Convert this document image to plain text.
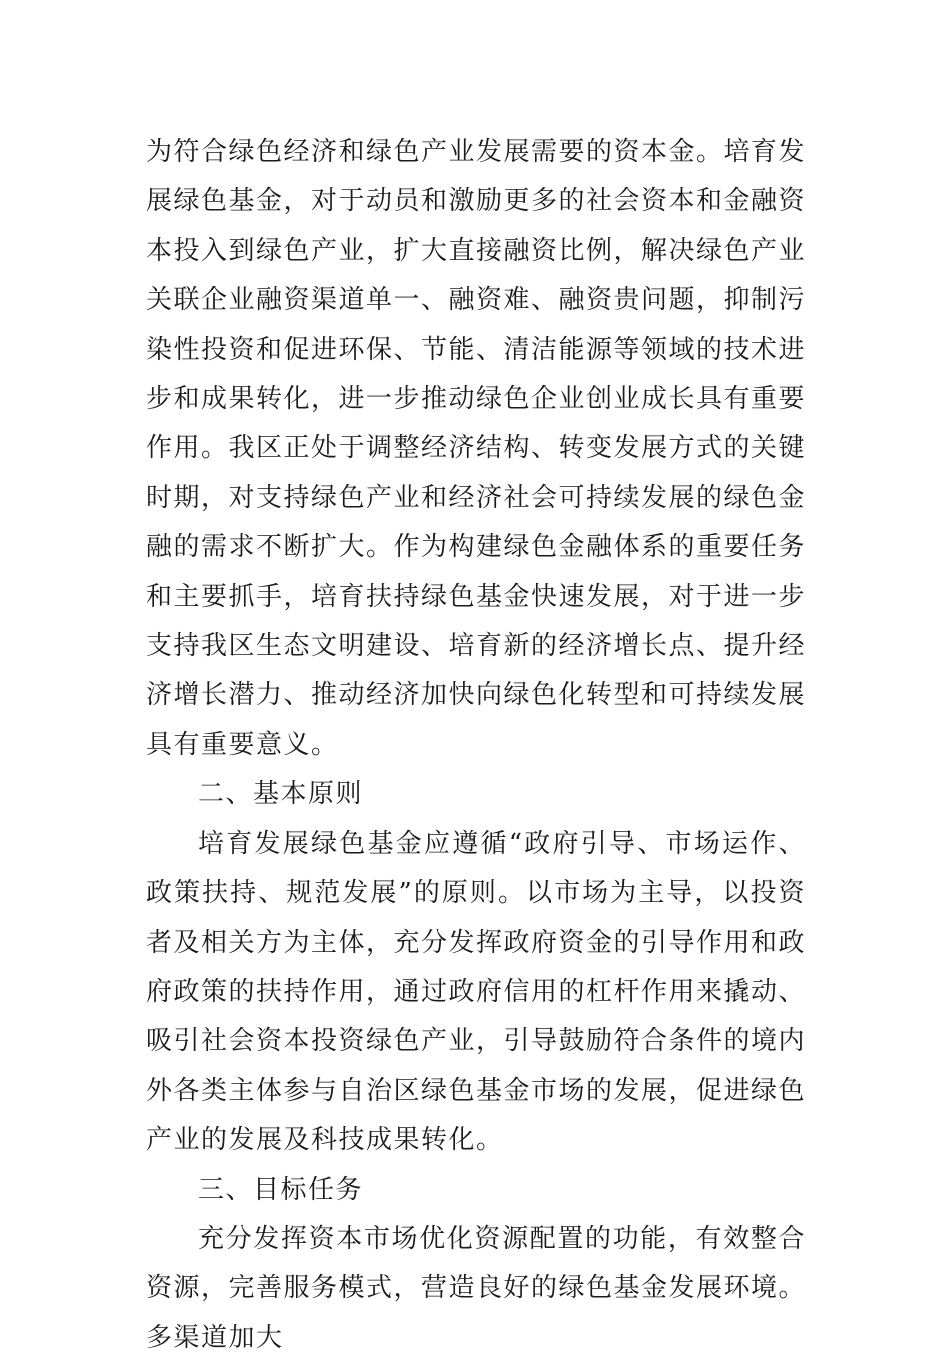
为符合绿色经济和绿色产业发展需要的资本金。培育发展绿色基金，对于动员和激励更多的社会资本和金融资本投入到绿色产业，扩大直接融资比例，解决绿色产业关联企业融资渠道单一、融资难、融资贵问题，抑制污染性投资和促进环保、节能、清洁能源等领域的技术进步和成果转化，进一步推动绿色企业创业成长具有重要作用。我区正处于调整经济结构、转变发展方式的关键时期，对支持绿色产业和经济社会可持续发展的绿色金融的需求不断扩大。作为构建绿色金融体系的重要任务和主要抓手，培育扶持绿色基金快速发展，对于进一步支持我区生态文明建设、培育新的经济增长点、提升经济增长潜力、推动经济加快向绿色化转型和可持续发展具有重要意义。

二、基本原则

培育发展绿色基金应遵循“政府引导、市场运作、政策扶持、规范发展”的原则。以市场为主导，以投资者及相关方为主体，充分发挥政府资金的引导作用和政府政策的扶持作用，通过政府信用的杠杆作用来撬动、吸引社会资本投资绿色产业，引导鼓励符合条件的境内外各类主体参与自治区绿色基金市场的发展，促进绿色产业的发展及科技成果转化。

三、目标任务

充分发挥资本市场优化资源配置的功能，有效整合资源，完善服务模式，营造良好的绿色基金发展环境。多渠道加大
